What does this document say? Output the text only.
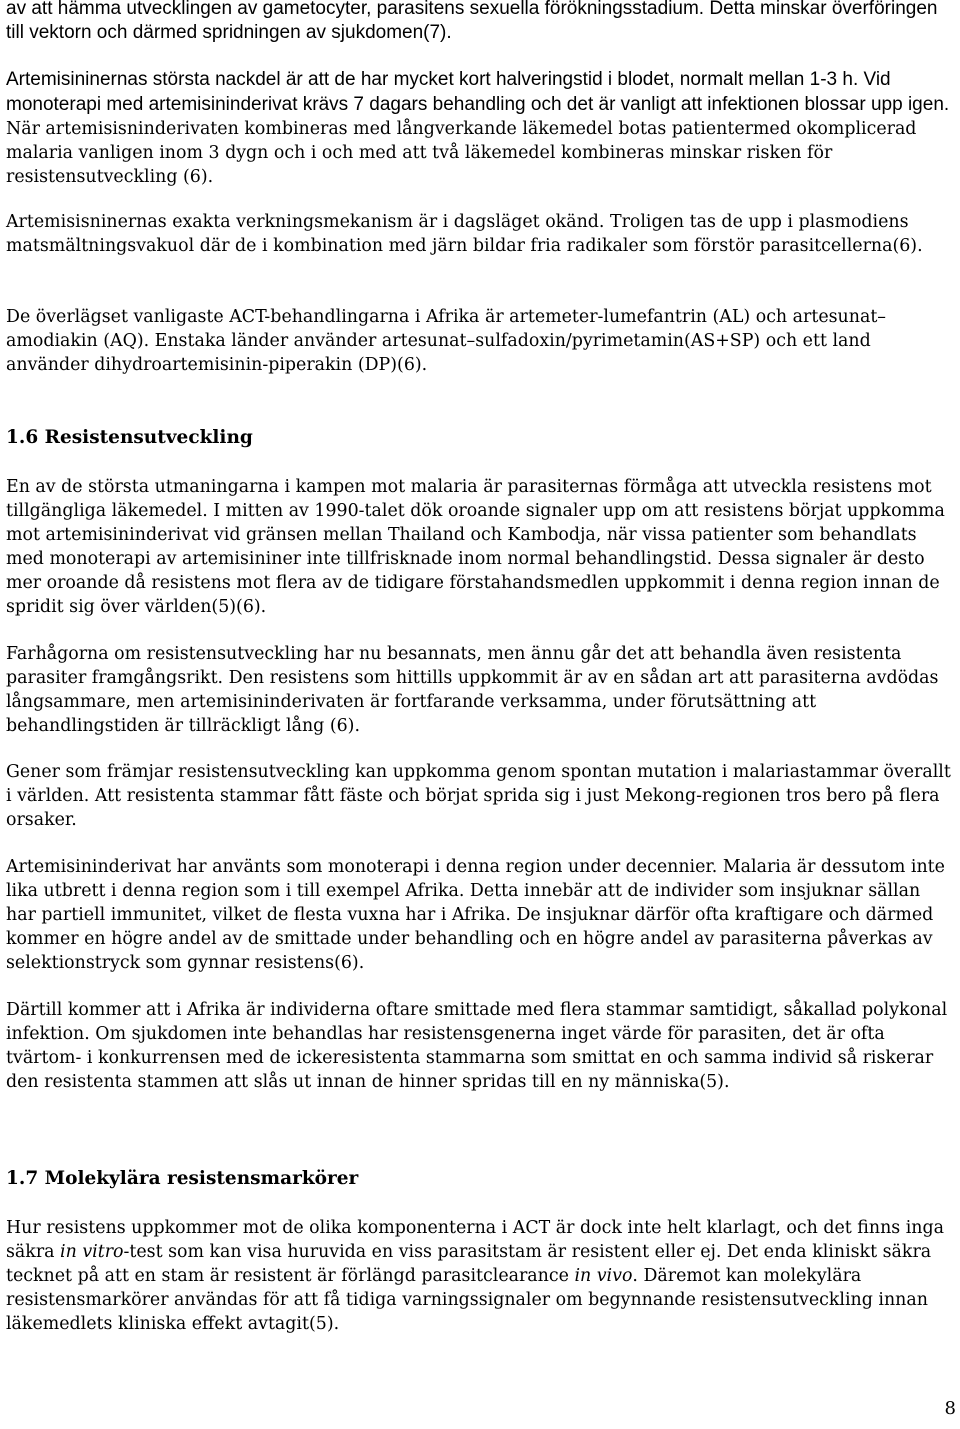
av att hämma utvecklingen av gametocyter, parasitens sexuella förökningsstadium. Detta minskar överföringen till vektorn och därmed spridningen av sjukdomen(7).

Artemisininernas största nackdel är att de har mycket kort halveringstid i blodet, normalt mellan 1-3 h. Vid monoterapi med artemisininderivat krävs 7 dagars behandling och det är vanligt att infektionen blossar upp igen. När artemisisninderivaten kombineras med långverkande läkemedel botas patientermed okomplicerad malaria vanligen inom 3 dygn och i och med att två läkemedel kombineras minskar risken för resistensutveckling (6).

Artemisisninernas exakta verkningsmekanism är i dagsläget okänd. Troligen tas de upp i plasmodiens matsmältningsvakuol där de i kombination med järn bildar fria radikaler som förstör parasitcellerna(6).

De överlägset vanligaste ACT-behandlingarna i Afrika är artemeter-lumefantrin (AL) och artesunat–amodiakin (AQ). Enstaka länder använder artesunat–sulfadoxin/pyrimetamin(AS+SP) och ett land använder dihydroartemisinin-piperakin (DP)(6).

1.6 Resistensutveckling

En av de största utmaningarna i kampen mot malaria är parasiternas förmåga att utveckla resistens mot tillgängliga läkemedel. I mitten av 1990-talet dök oroande signaler upp om att resistens börjat uppkomma mot artemisininderivat vid gränsen mellan Thailand och Kambodja, när vissa patienter som behandlats med monoterapi av artemisininer inte tillfrisknade inom normal behandlingstid. Dessa signaler är desto mer oroande då resistens mot flera av de tidigare förstahandsmedlen uppkommit i denna region innan de spridit sig över världen(5)(6).

Farhågorna om resistensutveckling har nu besannats, men ännu går det att behandla även resistenta parasiter framgångsrikt. Den resistens som hittills uppkommit är av en sådan art att parasiterna avdödas långsammare, men artemisininderivaten är fortfarande verksamma, under förutsättning att behandlingstiden är tillräckligt lång (6).

Gener som främjar resistensutveckling kan uppkomma genom spontan mutation i malariastammar överallt i världen. Att resistenta stammar fått fäste och börjat sprida sig i just Mekong-regionen tros bero på flera orsaker.

Artemisininderivat har använts som monoterapi i denna region under decennier. Malaria är dessutom inte lika utbrett i denna region som i till exempel Afrika. Detta innebär att de individer som insjuknar sällan har partiell immunitet, vilket de flesta vuxna har i Afrika. De insjuknar därför ofta kraftigare och därmed kommer en högre andel av de smittade under behandling och en högre andel av parasiterna påverkas av selektionstryck som gynnar resistens(6).

Därtill kommer att i Afrika är individerna oftare smittade med flera stammar samtidigt, såkallad polykonal infektion. Om sjukdomen inte behandlas har resistensgenerna inget värde för parasiten, det är ofta tvärtom- i konkurrensen med de ickeresistenta stammarna som smittat en och samma individ så riskerar den resistenta stammen att slås ut innan de hinner spridas till en ny människa(5).

1.7 Molekylära resistensmarkörer

Hur resistens uppkommer mot de olika komponenterna i ACT är dock inte helt klarlagt, och det finns inga säkra in vitro-test som kan visa huruvida en viss parasitstam är resistent eller ej. Det enda kliniskt säkra tecknet på att en stam är resistent är förlängd parasitclearance in vivo. Däremot kan molekylära resistensmarkörer användas för att få tidiga varningssignaler om begynnande resistensutveckling innan läkemedlets kliniska effekt avtagit(5).

8
